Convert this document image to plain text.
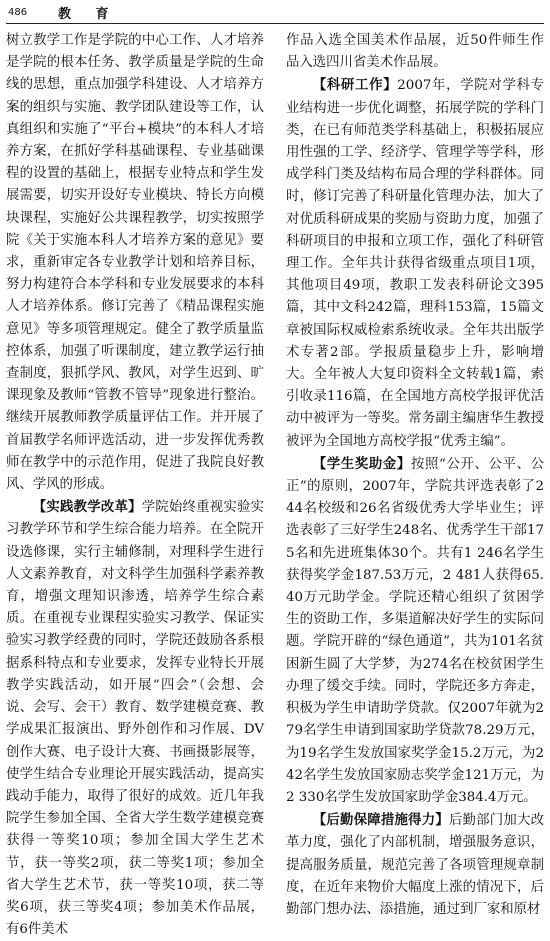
486 教 育

树立教学工作是学院的中心工作、人才培养是学院的根本任务、教学质量是学院的生命线的思想，重点加强学科建设、人才培养方案的组织与实施、教学团队建设等工作，认真组织和实施了“平台+模块”的本科人才培养方案，在抓好学科基础课程、专业基础课程的设置的基础上，根据专业特点和学生发展需要，切实开设好专业模块、特长方向模块课程，实施好公共课程教学，切实按照学院《关于实施本科人才培养方案的意见》要求，重新审定各专业教学计划和培养目标，努力构建符合本学科和专业发展要求的本科人才培养体系。修订完善了《精品课程实施意见》等多项管理规定。健全了教学质量监控体系，加强了听课制度，建立教学运行抽查制度，狠抓学风、教风，对学生迟到、旷课现象及教师“管教不管导”现象进行整治。继续开展教师教学质量评估工作。并开展了首届教学名师评选活动，进一步发挥优秀教师在教学中的示范作用，促进了我院良好教风、学风的形成。

【实践教学改革】学院始终重视实验实习教学环节和学生综合能力培养。在全院开设选修课，实行主辅修制，对理科学生进行人文素养教育，对文科学生加强科学素养教育，增强文理知识渗透，培养学生综合素质。在重视专业课程实验实习教学、保证实验实习教学经费的同时，学院还鼓励各系根据系科特点和专业要求，发挥专业特长开展教学实践活动，如开展“四会”（会想、会说、会写、会干）教育、数学建模竞赛、教学成果汇报演出、野外创作和习作展、DV创作大赛、电子设计大赛、书画摄影展等，使学生结合专业理论开展实践活动，提高实践动手能力，取得了很好的成效。近几年我院学生参加全国、全省大学生数学建模竞赛获得一等奖10项；参加全国大学生艺术节，获一等奖2项，获二等奖1项；参加全省大学生艺术节，获一等奖10项，获二等奖6项，获三等奖4项；参加美术作品展，有6件美术

作品入选全国美术作品展，近50件师生作品入选四川省美术作品展。

【科研工作】2007年，学院对学科专业结构进一步优化调整，拓展学院的学科门类，在已有师范类学科基础上，积极拓展应用性强的工学、经济学、管理学等学科，形成学科门类及结构布局合理的学科群体。同时，修订完善了科研量化管理办法，加大了对优质科研成果的奖励与资助力度，加强了科研项目的申报和立项工作，强化了科研管理工作。全年共计获得省级重点项目1项，其他项目49项，教职工发表科研论文395篇，其中文科242篇，理科153篇，15篇文章被国际权威检索系统收录。全年共出版学术专著2部。学报质量稳步上升，影响增大。全年被人大复印资料全文转载1篇，索引收录116篇，在全国地方高校学报评优活动中被评为一等奖。常务副主编唐华生教授被评为全国地方高校学报“优秀主编”。

【学生奖助金】按照“公开、公平、公正”的原则，2007年，学院共评选表彰了244名校级和26名省级优秀大学毕业生；评选表彰了三好学生248名、优秀学生干部175名和先进班集体30个。共有1 246名学生获得奖学金187.53万元，2 481人获得65.40万元助学金。学院还精心组织了贫困学生的资助工作，多渠道解决好学生的实际问题。学院开辟的“绿色通道”，共为101名贫困新生圆了大学梦，为274名在校贫困学生办理了缓交手续。同时，学院还多方奔走，积极为学生申请助学贷款。仅2007年就为279名学生申请到国家助学贷款78.29万元，为19名学生发放国家奖学金15.2万元，为242名学生发放国家励志奖学金121万元，为2 330名学生发放国家助学金384.4万元。

【后勤保障措施得力】后勤部门加大改革力度，强化了内部机制，增强服务意识，提高服务质量，规范完善了各项管理规章制度，在近年来物价大幅度上涨的情况下，后勤部门想办法、添措施，通过到厂家和原材
